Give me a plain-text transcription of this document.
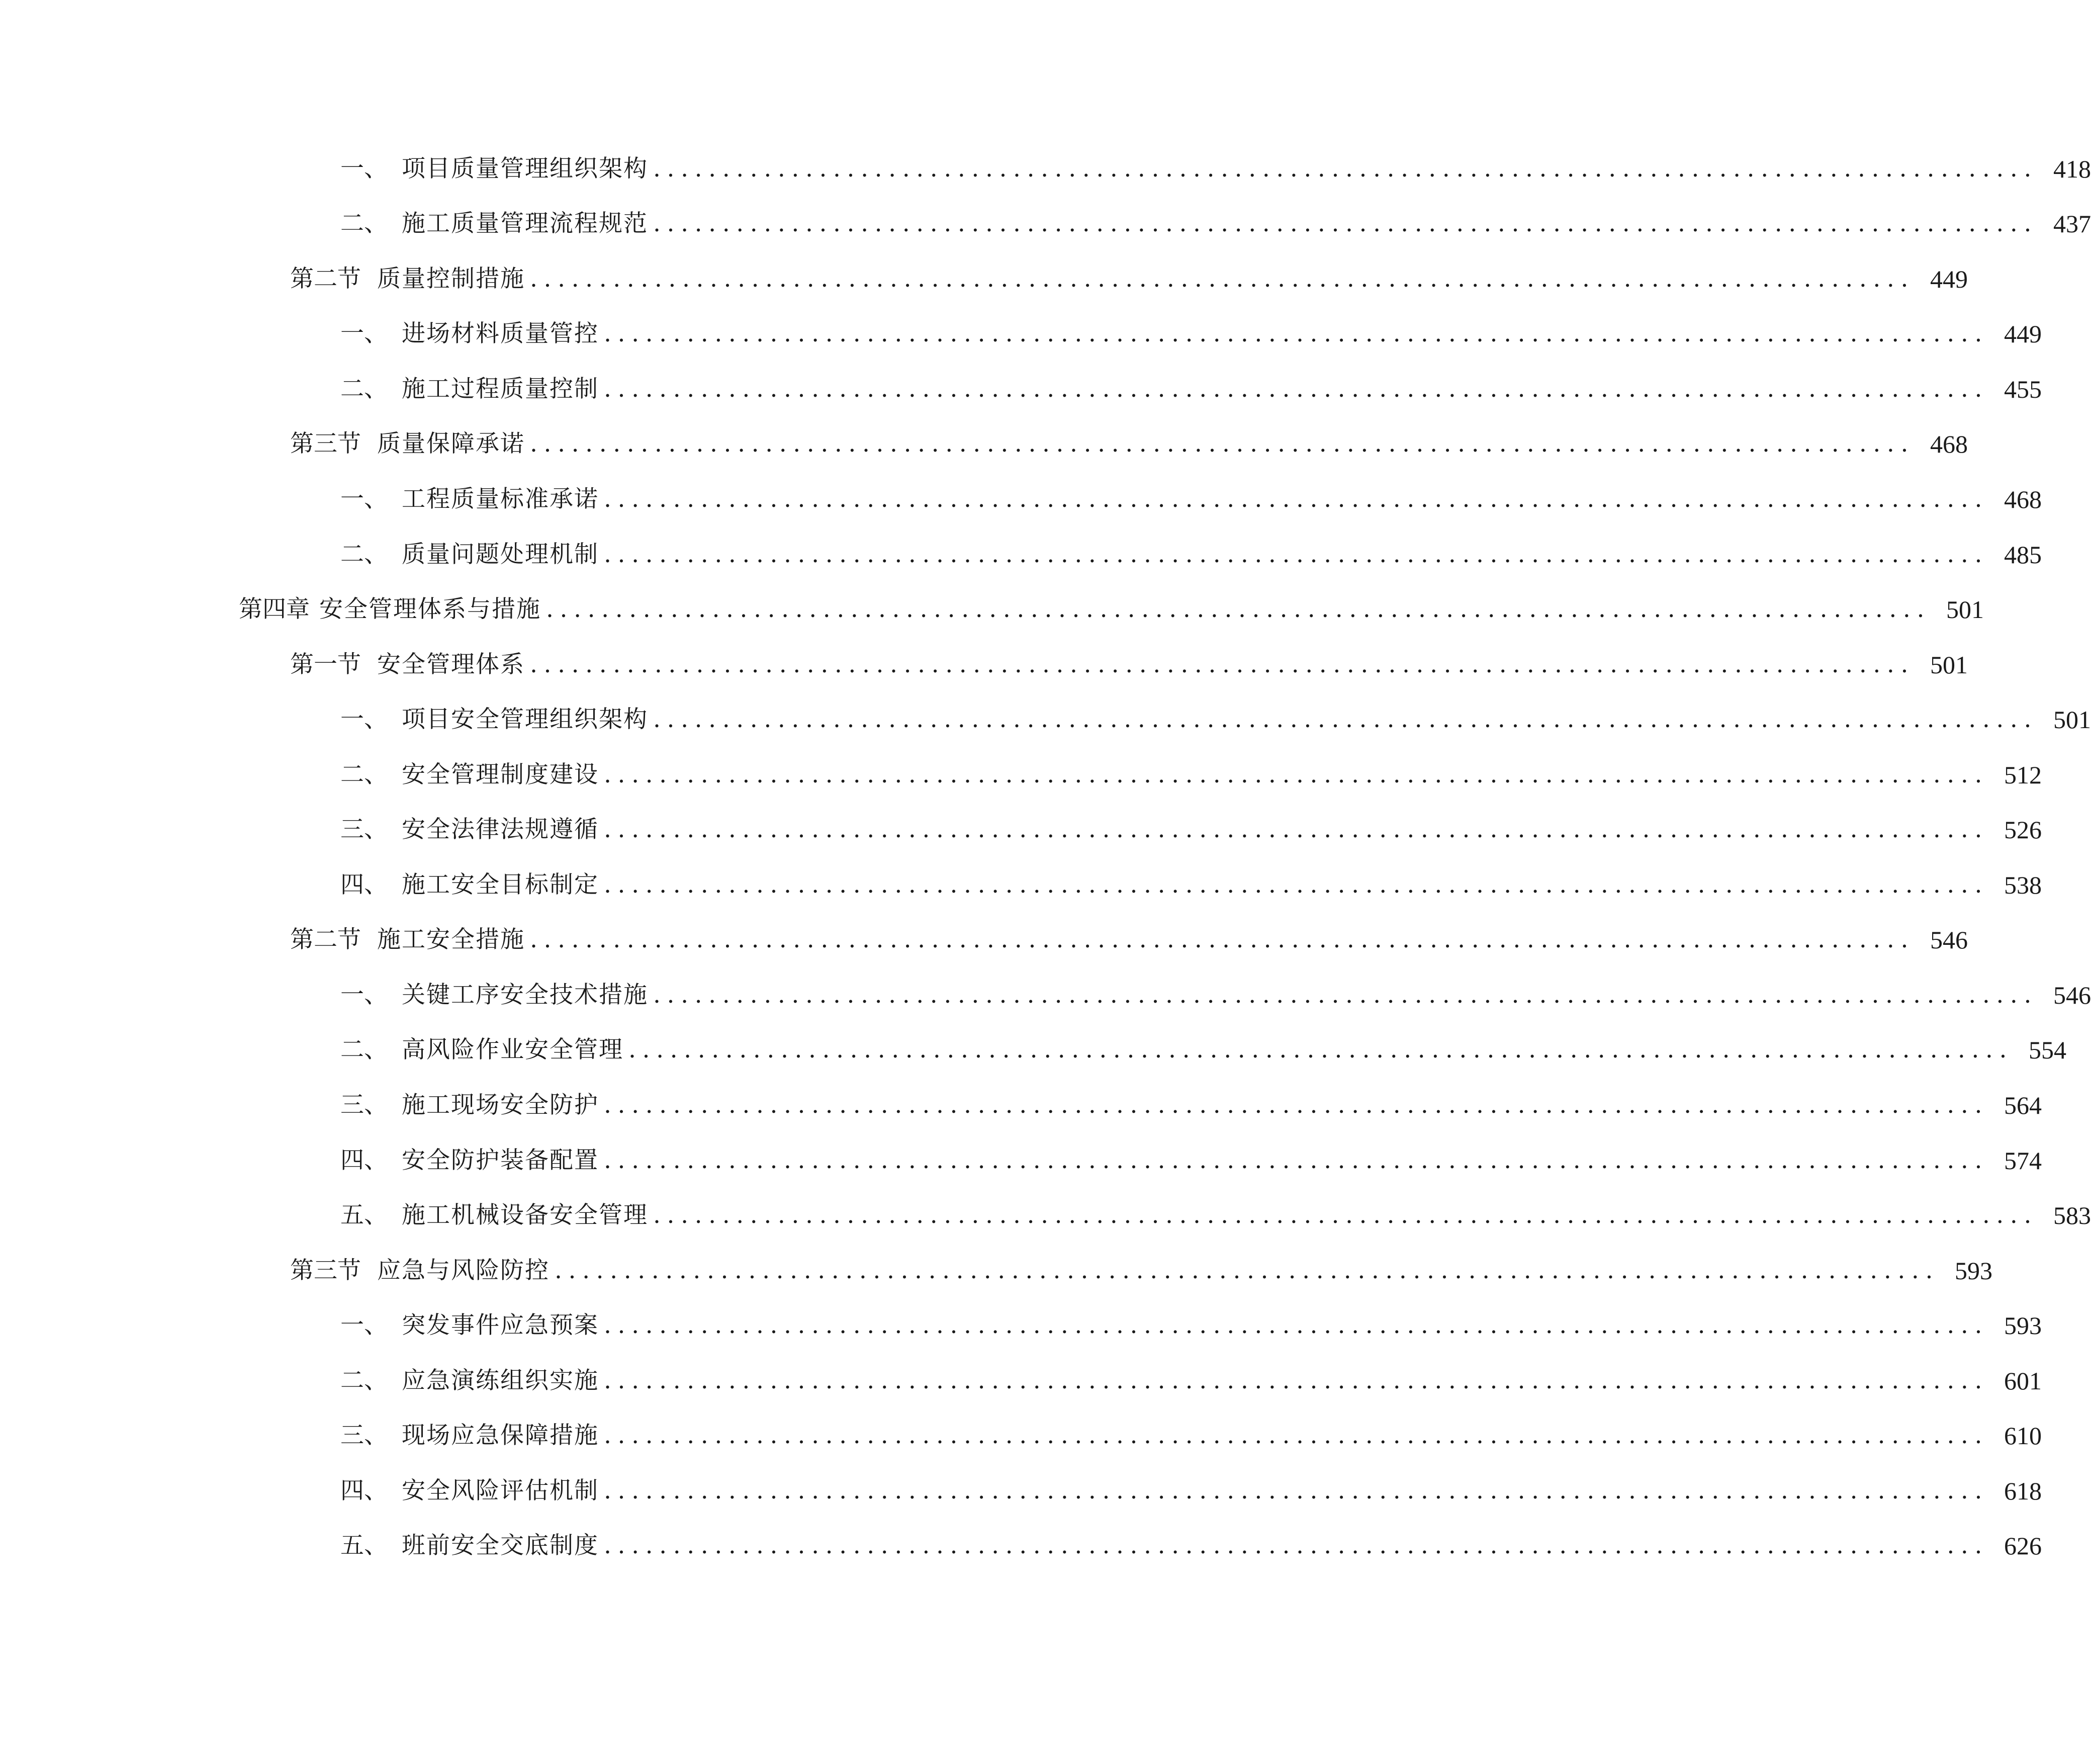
一、 项目质量管理组织架构 .................................................................................................... 418
二、 施工质量管理流程规范 .................................................................................................... 437
第二节 质量控制措施 .................................................................................................... 449
一、 进场材料质量管控 .................................................................................................... 449
二、 施工过程质量控制 .................................................................................................... 455
第三节 质量保障承诺 .................................................................................................... 468
一、 工程质量标准承诺 .................................................................................................... 468
二、 质量问题处理机制 .................................................................................................... 485
第四章 安全管理体系与措施 .................................................................................................... 501
第一节 安全管理体系 .................................................................................................... 501
一、 项目安全管理组织架构 .................................................................................................... 501
二、 安全管理制度建设 .................................................................................................... 512
三、 安全法律法规遵循 .................................................................................................... 526
四、 施工安全目标制定 .................................................................................................... 538
第二节 施工安全措施 .................................................................................................... 546
一、 关键工序安全技术措施 .................................................................................................... 546
二、 高风险作业安全管理 .................................................................................................... 554
三、 施工现场安全防护 .................................................................................................... 564
四、 安全防护装备配置 .................................................................................................... 574
五、 施工机械设备安全管理 .................................................................................................... 583
第三节 应急与风险防控 .................................................................................................... 593
一、 突发事件应急预案 .................................................................................................... 593
二、 应急演练组织实施 .................................................................................................... 601
三、 现场应急保障措施 .................................................................................................... 610
四、 安全风险评估机制 .................................................................................................... 618
五、 班前安全交底制度 .................................................................................................... 626
